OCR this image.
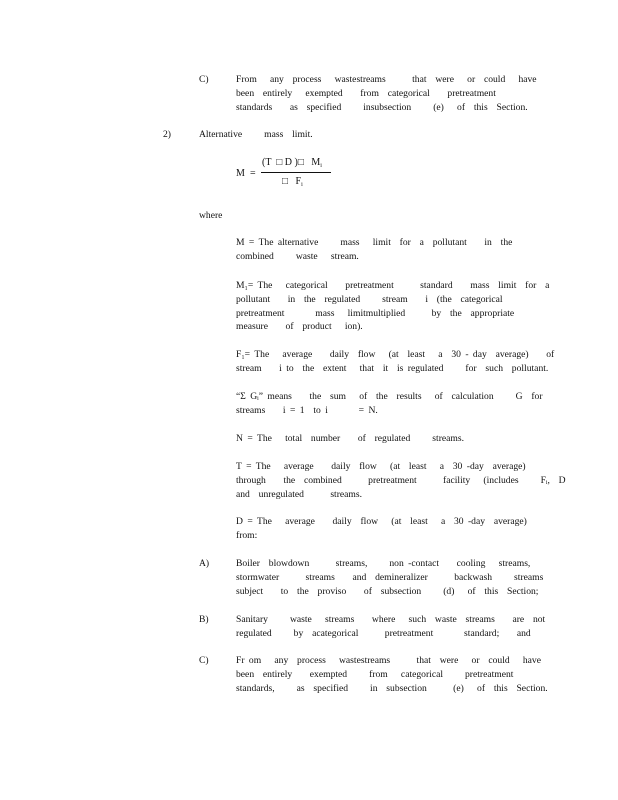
C)	From   any  process   wastestreams      that  were   or  could   have
been  entirely   exempted    from  categorical    pretreatment
standards    as  specified     insubsection     (e)   of  this  Section.
2)	Alternative     mass  limit.
M =
(T  □ D )□   $M_i$
□   $F_i$
where
M = The alternative     mass   limit  for  a  pollutant    in  the
combined     waste   stream.
M₁= The   categorical    pretreatment      standard    mass  limit  for  a
pollutant    in  the  regulated     stream    i  (the  categorical
pretreatment       mass   limitmultiplied      by  the  appropriate
measure    of  product   ion).
F₁= The   average    daily  flow   (at  least   a  30 - day  average)    of
stream    i to  the  extent   that  it  is regulated     for  such  pollutant.
“Σ Gᵢ” means    the  sum   of  the  results   of  calculation     G  for
streams    i = 1  to i       = N.
N = The   total  number    of  regulated     streams.
T = The   average    daily  flow   (at  least   a  30 -day  average)
through    the  combined      pretreatment      facility   (includes     Fᵢ,  D
and  unregulated      streams.
D = The   average    daily  flow   (at  least   a  30 -day  average)
from:
A)	Boiler  blowdown      streams,     non -contact    cooling   streams,
stormwater      streams    and  demineralizer      backwash     streams
subject    to  the  proviso    of  subsection     (d)   of  this  Section;
B)	Sanitary     waste   streams    where   such  waste  streams    are  not
regulated     by  acategorical      pretreatment       standard;    and
C)	Fr om   any  process   wastestreams      that  were   or  could   have
been  entirely    exempted     from   categorical     pretreatment
standards,     as  specified     in  subsection      (e)   of  this  Section.
